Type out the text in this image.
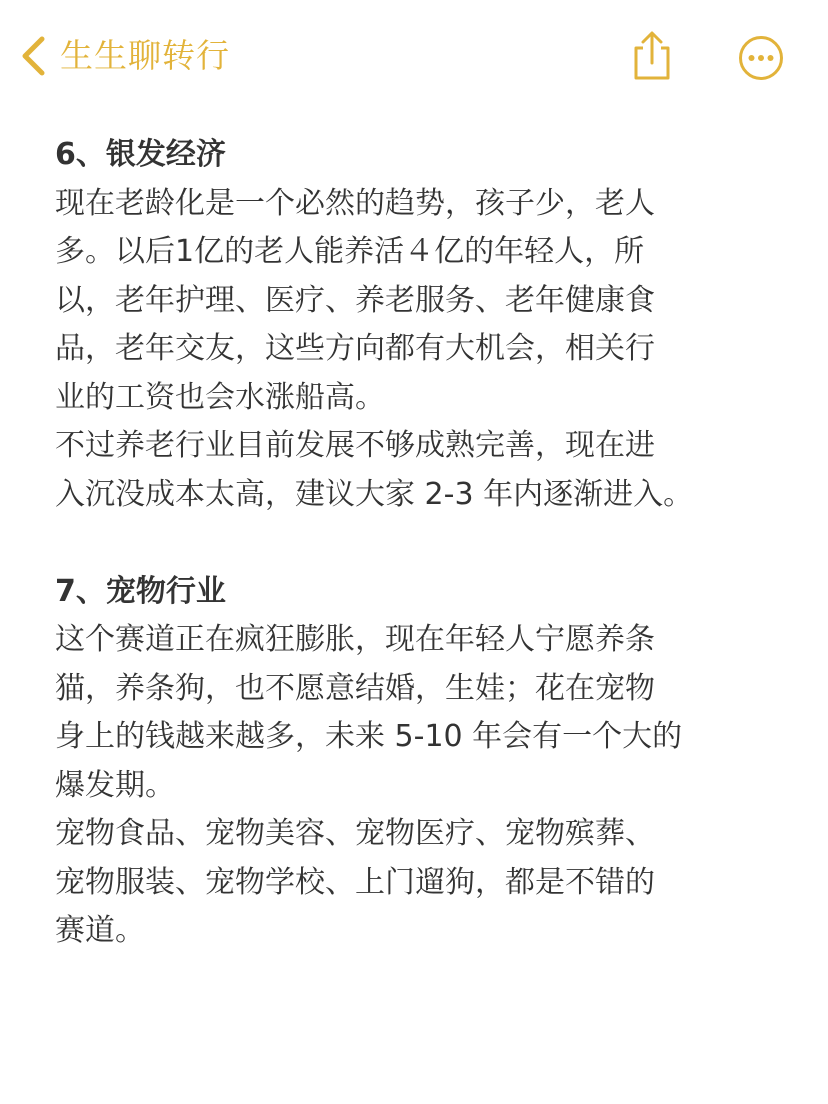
生生聊转行

6、银发经济

现在老龄化是一个必然的趋势，孩子少，老人
多。以后1亿的老人能养活４亿的年轻人，所
以，老年护理、医疗、养老服务、老年健康食
品，老年交友，这些方向都有大机会，相关行
业的工资也会水涨船高。

不过养老行业目前发展不够成熟完善，现在进
入沉没成本太高，建议大家 2-3 年内逐渐进入。

7、宠物行业

这个赛道正在疯狂膨胀，现在年轻人宁愿养条
猫，养条狗，也不愿意结婚，生娃；花在宠物
身上的钱越来越多，未来 5-10 年会有一个大的
爆发期。

宠物食品、宠物美容、宠物医疗、宠物殡葬、
宠物服装、宠物学校、上门遛狗，都是不错的
赛道。
